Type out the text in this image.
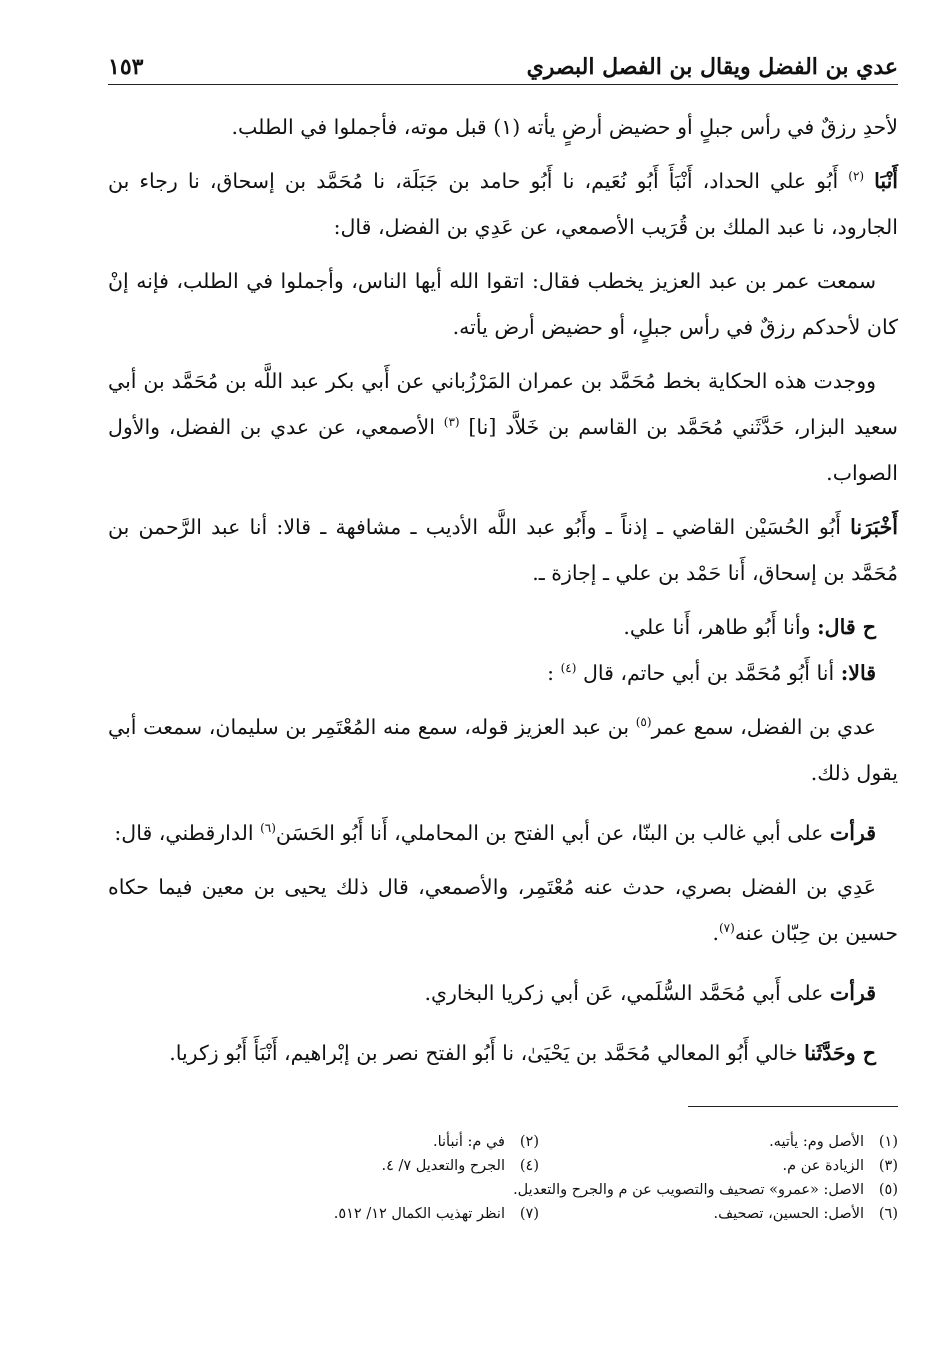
عدي بن الفضل ويقال بن الفصل البصري
١٥٣

لأحدِ رزقٌ في رأس جبلٍ أو حضيض أرضٍ يأته (١) قبل موته، فأجملوا في الطلب.

أَنْبَا $^{(٢)}$ أَبُو علي الحداد، أَنْبَأَ أَبُو نُعَيم، نا أَبُو حامد بن جَبَلَة، نا مُحَمَّد بن إسحاق، نا رجاء بن الجارود، نا عبد الملك بن قُرَيب الأصمعي، عن عَدِي بن الفضل، قال:

سمعت عمر بن عبد العزيز يخطب فقال: اتقوا الله أيها الناس، وأجملوا في الطلب، فإنه إنْ كان لأحدكم رزقٌ في رأس جبلٍ، أو حضيض أرض يأته.

ووجدت هذه الحكاية بخط مُحَمَّد بن عمران المَرْزُباني عن أَبي بكر عبد اللَّه بن مُحَمَّد بن أبي سعيد البزار، حَدَّثَني مُحَمَّد بن القاسم بن خَلاَّد [نا] $^{(٣)}$ الأصمعي، عن عدي بن الفضل، والأول الصواب.

أَخْبَرَنا أَبُو الحُسَيْن القاضي ـ إذناً ـ وأَبُو عبد اللَّه الأديب ـ مشافهة ـ قالا: أنا عبد الرَّحمن بن مُحَمَّد بن إسحاق، أَنا حَمْد بن علي ـ إجازة ـ.

ح قال: وأنا أَبُو طاهر، أَنا علي.

قالا: أنا أَبُو مُحَمَّد بن أبي حاتم، قال $^{(٤)}$ :

عدي بن الفضل، سمع عمر$^{(٥)}$ بن عبد العزيز قوله، سمع منه المُعْتَمِر بن سليمان، سمعت أبي يقول ذلك.

قرأت على أبي غالب بن البنّا، عن أبي الفتح بن المحاملي، أَنا أَبُو الحَسَن$^{(٦)}$ الدارقطني، قال:

عَدِي بن الفضل بصري، حدث عنه مُعْتَمِر، والأصمعي، قال ذلك يحيى بن معين فيما حكاه حسين بن حِبّان عنه$^{(٧)}$.

قرأت على أَبي مُحَمَّد السُّلَمي، عَن أبي زكريا البخاري.

ح وحَدَّثَنا خالي أَبُو المعالي مُحَمَّد بن يَحْيَىٰ، نا أَبُو الفتح نصر بن إبْراهيم، أَنْبَأَ أَبُو زكريا.

(١)
الأصل وم: يأتيه.
(٢)
في م: أنبأنا.
(٣)
الزيادة عن م.
(٤)
الجرح والتعديل ٧/ ٤.
(٥)
الاصل: «عمرو» تصحيف والتصويب عن م والجرح والتعديل.
(٦)
الأصل: الحسين، تصحيف.
(٧)
انظر تهذيب الكمال ١٢/ ٥١٢.
